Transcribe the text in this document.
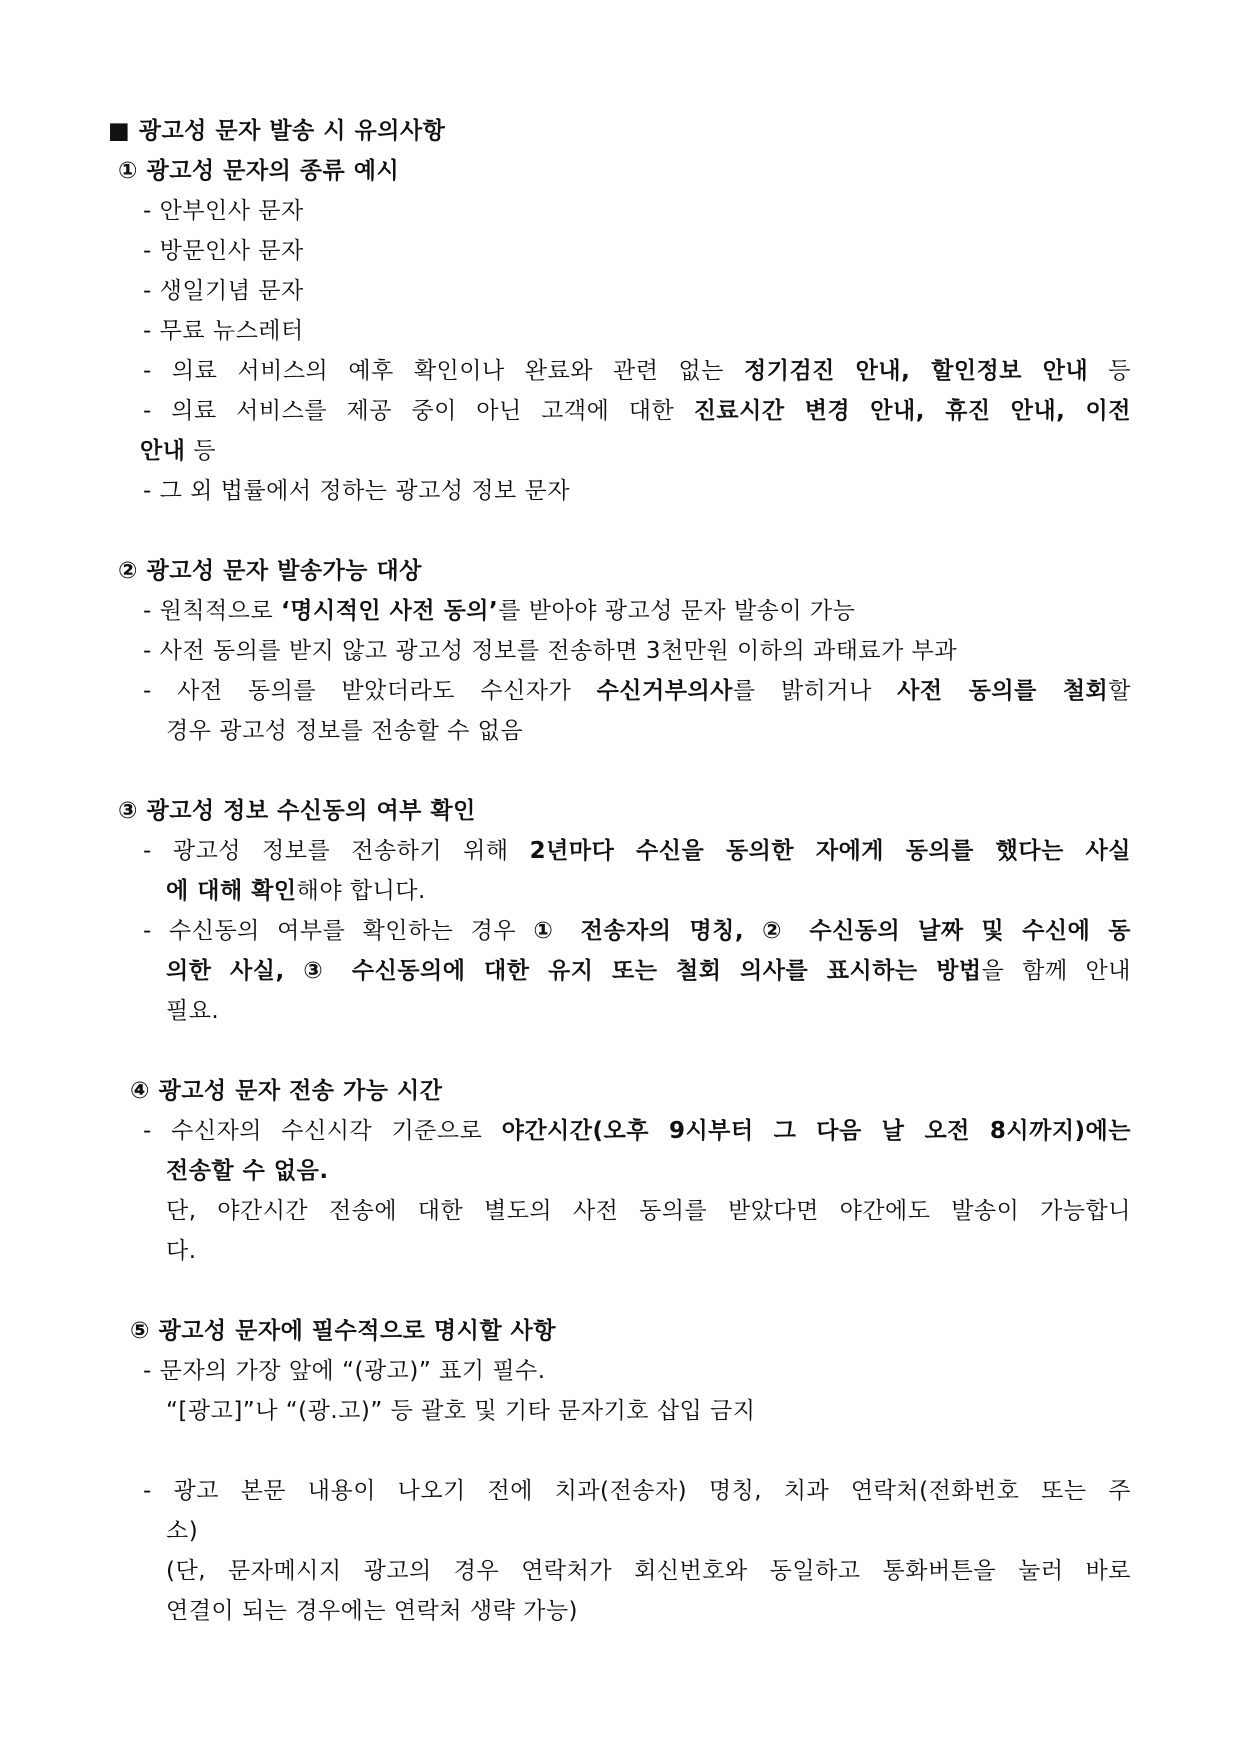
■ 광고성 문자 발송 시 유의사항
① 광고성 문자의 종류 예시
- 안부인사 문자
- 방문인사 문자
- 생일기념 문자
- 무료 뉴스레터
- 의료 서비스의 예후 확인이나 완료와 관련 없는 정기검진 안내, 할인정보 안내 등
- 의료 서비스를 제공 중이 아닌 고객에 대한 진료시간 변경 안내, 휴진 안내, 이전
안내 등
- 그 외 법률에서 정하는 광고성 정보 문자
② 광고성 문자 발송가능 대상
- 원칙적으로 ‘명시적인 사전 동의’를 받아야 광고성 문자 발송이 가능
- 사전 동의를 받지 않고 광고성 정보를 전송하면 3천만원 이하의 과태료가 부과
- 사전 동의를 받았더라도 수신자가 수신거부의사를 밝히거나 사전 동의를 철회할
경우 광고성 정보를 전송할 수 없음
③ 광고성 정보 수신동의 여부 확인
- 광고성 정보를 전송하기 위해 2년마다 수신을 동의한 자에게 동의를 했다는 사실
에 대해 확인해야 합니다.
- 수신동의 여부를 확인하는 경우 ① 전송자의 명칭, ② 수신동의 날짜 및 수신에 동
의한 사실, ③ 수신동의에 대한 유지 또는 철회 의사를 표시하는 방법을 함께 안내
필요.
④ 광고성 문자 전송 가능 시간
- 수신자의 수신시각 기준으로 야간시간(오후 9시부터 그 다음 날 오전 8시까지)에는
전송할 수 없음.
단, 야간시간 전송에 대한 별도의 사전 동의를 받았다면 야간에도 발송이 가능합니
다.
⑤ 광고성 문자에 필수적으로 명시할 사항
- 문자의 가장 앞에 “(광고)” 표기 필수.
“[광고]”나 “(광.고)” 등 괄호 및 기타 문자기호 삽입 금지
- 광고 본문 내용이 나오기 전에 치과(전송자) 명칭, 치과 연락처(전화번호 또는 주
소)
(단, 문자메시지 광고의 경우 연락처가 회신번호와 동일하고 통화버튼을 눌러 바로
연결이 되는 경우에는 연락처 생략 가능)
